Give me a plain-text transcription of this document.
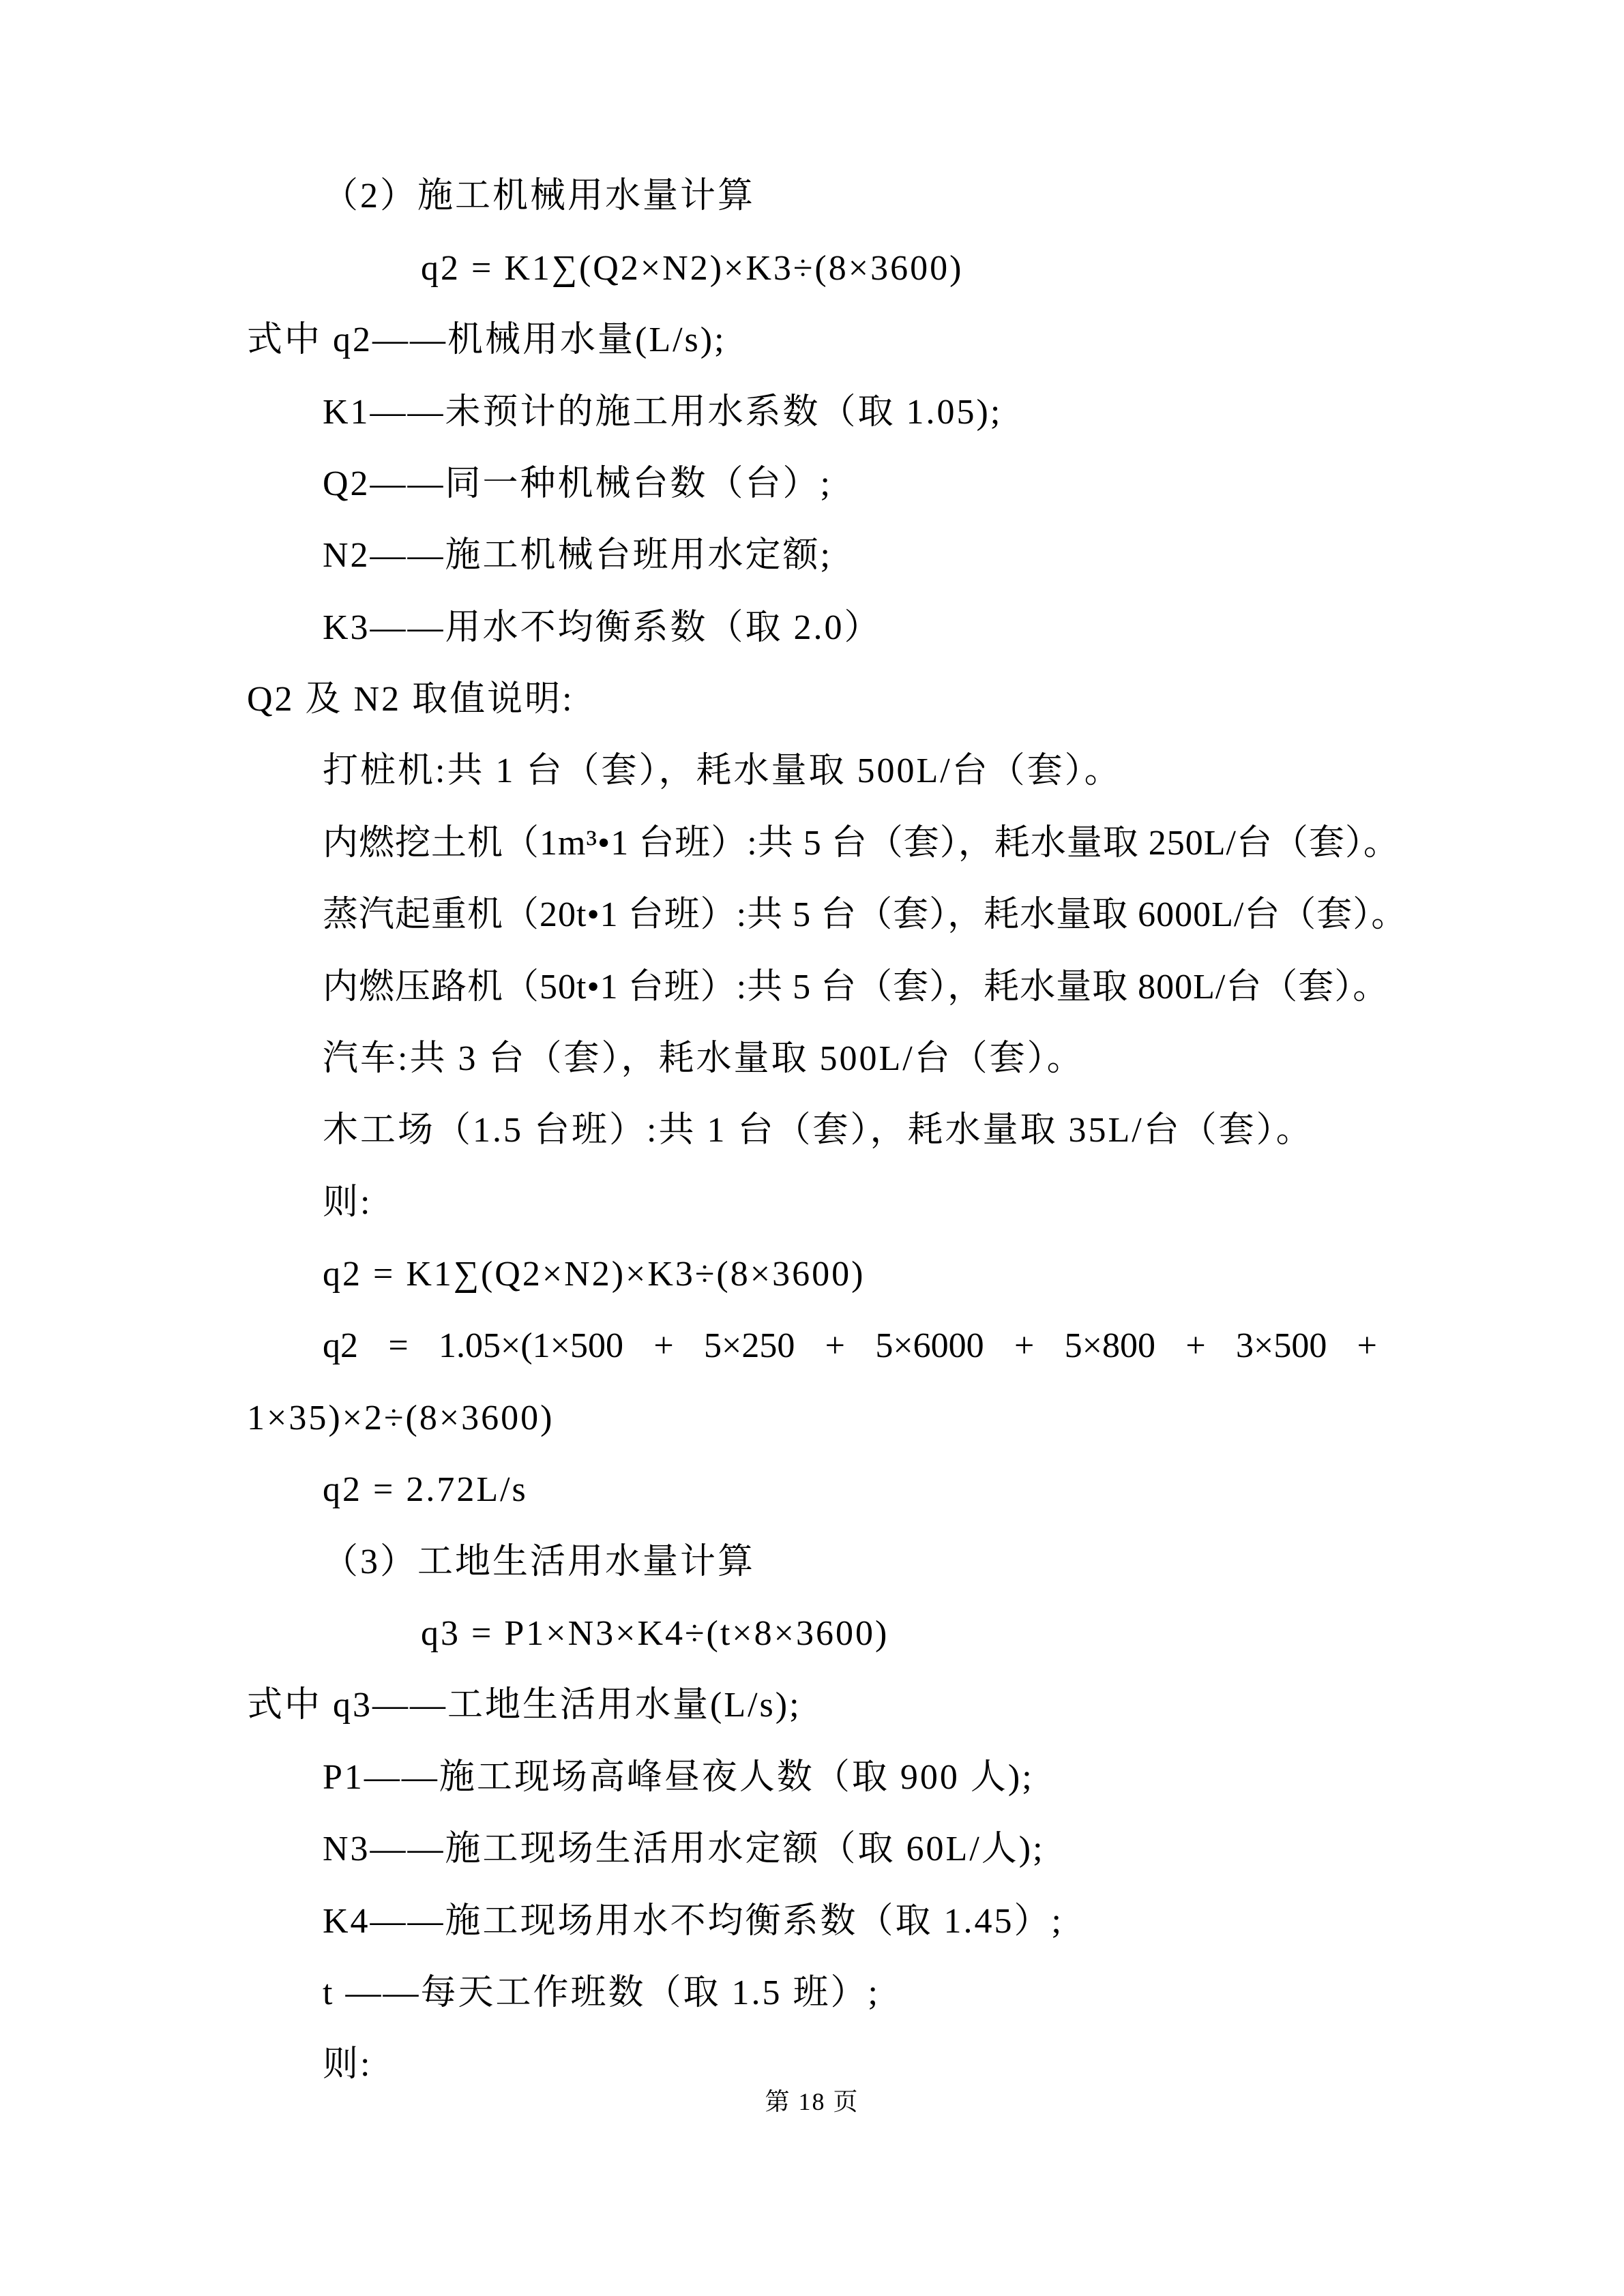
（2）施工机械用水量计算
q2 = K1∑(Q2×N2)×K3÷(8×3600)
式中 q2——机械用水量(L/s);
K1——未预计的施工用水系数（取 1.05);
Q2——同一种机械台数（台）;
N2——施工机械台班用水定额;
K3——用水不均衡系数（取 2.0）
Q2 及 N2 取值说明:
打桩机:共 1 台（套），耗水量取 500L/台（套）。
内燃挖土机（1m³•1 台班）:共 5 台（套），耗水量取 250L/台（套）。
蒸汽起重机（20t•1 台班）:共 5 台（套），耗水量取 6000L/台（套）。
内燃压路机（50t•1 台班）:共 5 台（套），耗水量取 800L/台（套）。
汽车:共 3 台（套），耗水量取 500L/台（套）。
木工场（1.5 台班）:共 1 台（套），耗水量取 35L/台（套）。
则:
q2 = K1∑(Q2×N2)×K3÷(8×3600)
q2 = 1.05×(1×500 + 5×250 + 5×6000 + 5×800 + 3×500 +
1×35)×2÷(8×3600)
q2 = 2.72L/s
（3）工地生活用水量计算
q3 = P1×N3×K4÷(t×8×3600)
式中 q3——工地生活用水量(L/s);
P1——施工现场高峰昼夜人数（取 900 人);
N3——施工现场生活用水定额（取 60L/人);
K4——施工现场用水不均衡系数（取 1.45）;
t ——每天工作班数（取 1.5 班）;
则:
第 18 页
